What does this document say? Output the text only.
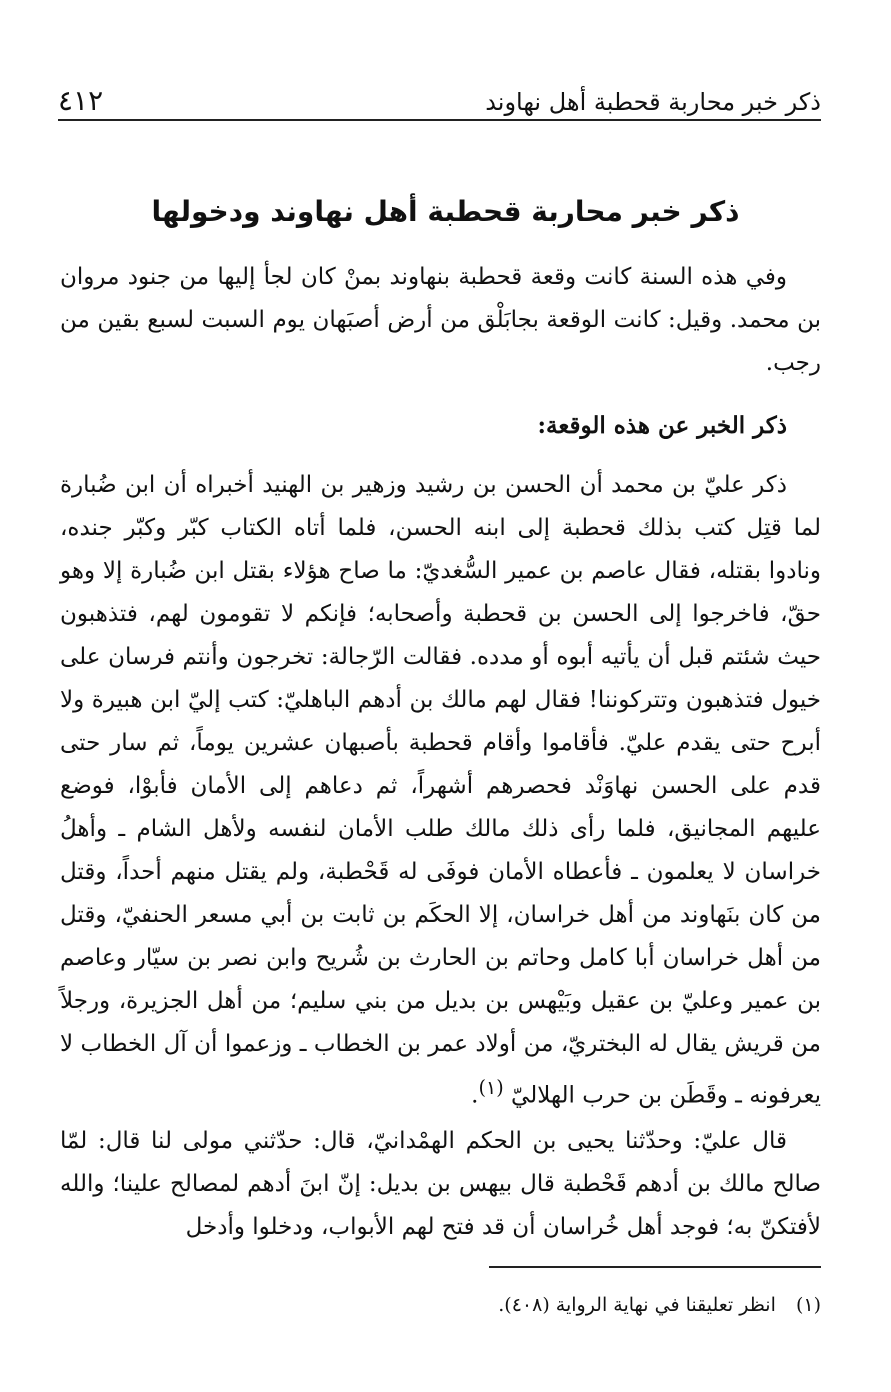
ذكر خبر محاربة قحطبة أهل نهاوند
٤١٢
ذكر خبر محاربة قحطبة أهل نهاوند ودخولها

وفي هذه السنة كانت وقعة قحطبة بنهاوند بمنْ كان لجأ إليها من جنود مروان بن محمد. وقيل: كانت الوقعة بجابَلْق من أرض أصبَهان يوم السبت لسبع بقين من رجب.

ذكر الخبر عن هذه الوقعة:

ذكر عليّ بن محمد أن الحسن بن رشيد وزهير بن الهنيد أخبراه أن ابن ضُبارة لما قتِل كتب بذلك قحطبة إلى ابنه الحسن، فلما أتاه الكتاب كبّر وكبّر جنده، ونادوا بقتله، فقال عاصم بن عمير السُّغديّ: ما صاح هؤلاء بقتل ابن ضُبارة إلا وهو حقّ، فاخرجوا إلى الحسن بن قحطبة وأصحابه؛ فإنكم لا تقومون لهم، فتذهبون حيث شئتم قبل أن يأتيه أبوه أو مدده. فقالت الرّجالة: تخرجون وأنتم فرسان على خيول فتذهبون وتتركوننا! فقال لهم مالك بن أدهم الباهليّ: كتب إليّ ابن هبيرة ولا أبرح حتى يقدم عليّ. فأقاموا وأقام قحطبة بأصبهان عشرين يوماً، ثم سار حتى قدم على الحسن نهاوَنْد فحصرهم أشهراً، ثم دعاهم إلى الأمان فأبوْا، فوضع عليهم المجانيق، فلما رأى ذلك مالك طلب الأمان لنفسه ولأهل الشام ـ وأهلُ خراسان لا يعلمون ـ فأعطاه الأمان فوفَى له قَحْطبة، ولم يقتل منهم أحداً، وقتل من كان بنَهاوند من أهل خراسان، إلا الحكَم بن ثابت بن أبي مسعر الحنفيّ، وقتل من أهل خراسان أبا كامل وحاتم بن الحارث بن شُريح وابن نصر بن سيّار وعاصم بن عمير وعليّ بن عقيل وبَيْهس بن بديل من بني سليم؛ من أهل الجزيرة، ورجلاً من قريش يقال له البختريّ، من أولاد عمر بن الخطاب ـ وزعموا أن آل الخطاب لا يعرفونه ـ وقَطَن بن حرب الهلاليّ $^{(١)}$.

قال عليّ: وحدّثنا يحيى بن الحكم الهمْدانيّ، قال: حدّثني مولى لنا قال: لمّا صالح مالك بن أدهم قَحْطبة قال بيهس بن بديل: إنّ ابنَ أدهم لمصالح علينا؛ والله لأفتكنّ به؛ فوجد أهل خُراسان أن قد فتح لهم الأبواب، ودخلوا وأدخل

(١) انظر تعليقنا في نهاية الرواية (٤٠٨).
